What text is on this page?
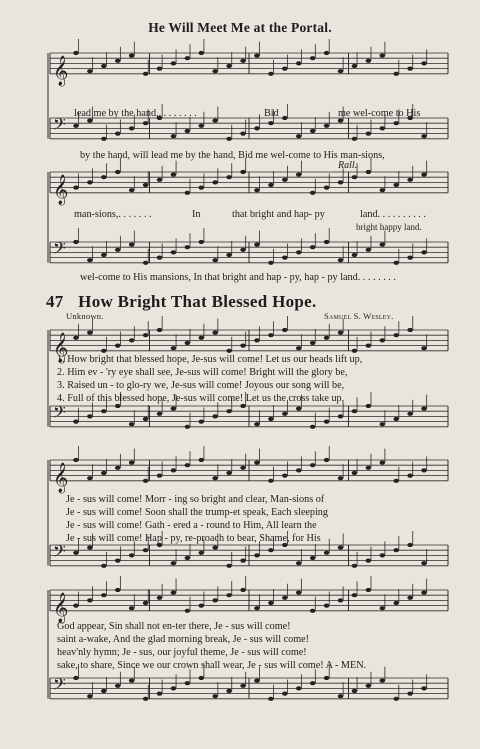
𝄞
𝄢
𝄞
𝄢
𝄞
𝄢
𝄞
𝄢
𝄞
𝄢
He Will Meet Me at the Portal.
lead me by the hand,. . . . . . . .	Bid	me wel-come to His
by the hand, will lead me by the hand, Bid me wel-come to His man-sions,
Rall.
man-sions,. . . . . . .	In	that bright and hap- py	land. . . . . . . . . .
bright happy land.
wel-come to His mansions, In that bright and hap - py, hap - py land. . . . . . . .
47 How Bright That Blessed Hope.
Unknown.	Samuel S. Wesley.
1. How bright that blessed hope, Je-sus will come! Let us our heads lift up,
2. Him ev - 'ry eye shall see, Je-sus will come! Bright will the glory be,
3. Raised un - to glo-ry we, Je-sus will come! Joyous our song will be,
4. Full of this blessed hope, Je-sus will come! Let us the cross take up,
Je - sus will come! Morr - ing so bright and clear, Man-sions of
Je - sus will come! Soon shall the trump-et speak, Each sleeping
Je - sus will come! Gath - ered a - round to Him, All learn the
Je - sus will come! Hap - py, re-proach to bear, Shame, for His
God appear, Sin shall not en-ter there, Je - sus will come!
saint a-wake, And the glad morning break, Je - sus will come!
heav'nly hymn; Je - sus, our joyful theme, Je - sus will come!
sake, to share, Since we our crown shall wear, Je - sus will come! A - MEN.
